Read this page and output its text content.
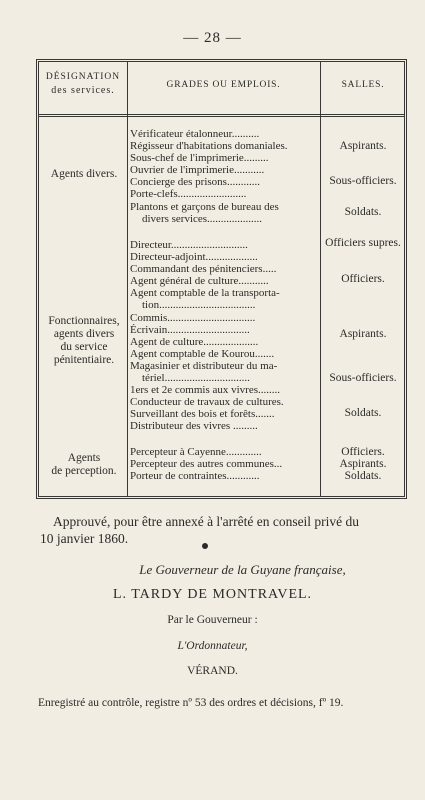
— 28 —
DÉSIGNATION
des services.	GRADES OU EMPLOIS.	SALLES.
Agents divers.
Vérificateur étalonneur..........
Régisseur d'habitations domaniales.
Sous-chef de l'imprimerie.........
Ouvrier de l'imprimerie...........
Concierge des prisons............
Porte-clefs.........................
Plantons et garçons de bureau des
divers services....................
Aspirants.
Sous-officiers.
Soldats.
Fonctionnaires,
agents divers
du service
pénitentiaire.
Directeur............................
Directeur-adjoint...................
Commandant des pénitenciers.....
Agent général de culture...........
Agent comptable de la transporta-
tion...................................
Commis................................
Écrivain..............................
Agent de culture....................
Agent comptable de Kourou.......
Magasinier et distributeur du ma-
tériel...............................
1ers et 2e commis aux vivres........
Conducteur de travaux de cultures.
Surveillant des bois et forêts.......
Distributeur des vivres .........
Officiers supres.
Officiers.
Aspirants.
Sous-officiers.
Soldats.
Agents
de perception.
Percepteur à Cayenne.............
Percepteur des autres communes...
Porteur de contraintes............
Officiers.
Aspirants.
Soldats.
Approuvé, pour être annexé à l'arrêté en conseil privé du
10 janvier 1860.
Le Gouverneur de la Guyane française,
L. TARDY DE MONTRAVEL.
Par le Gouverneur :
L'Ordonnateur,
VÉRAND.
Enregistré au contrôle, registre nº 53 des ordres et décisions, fº 19.
